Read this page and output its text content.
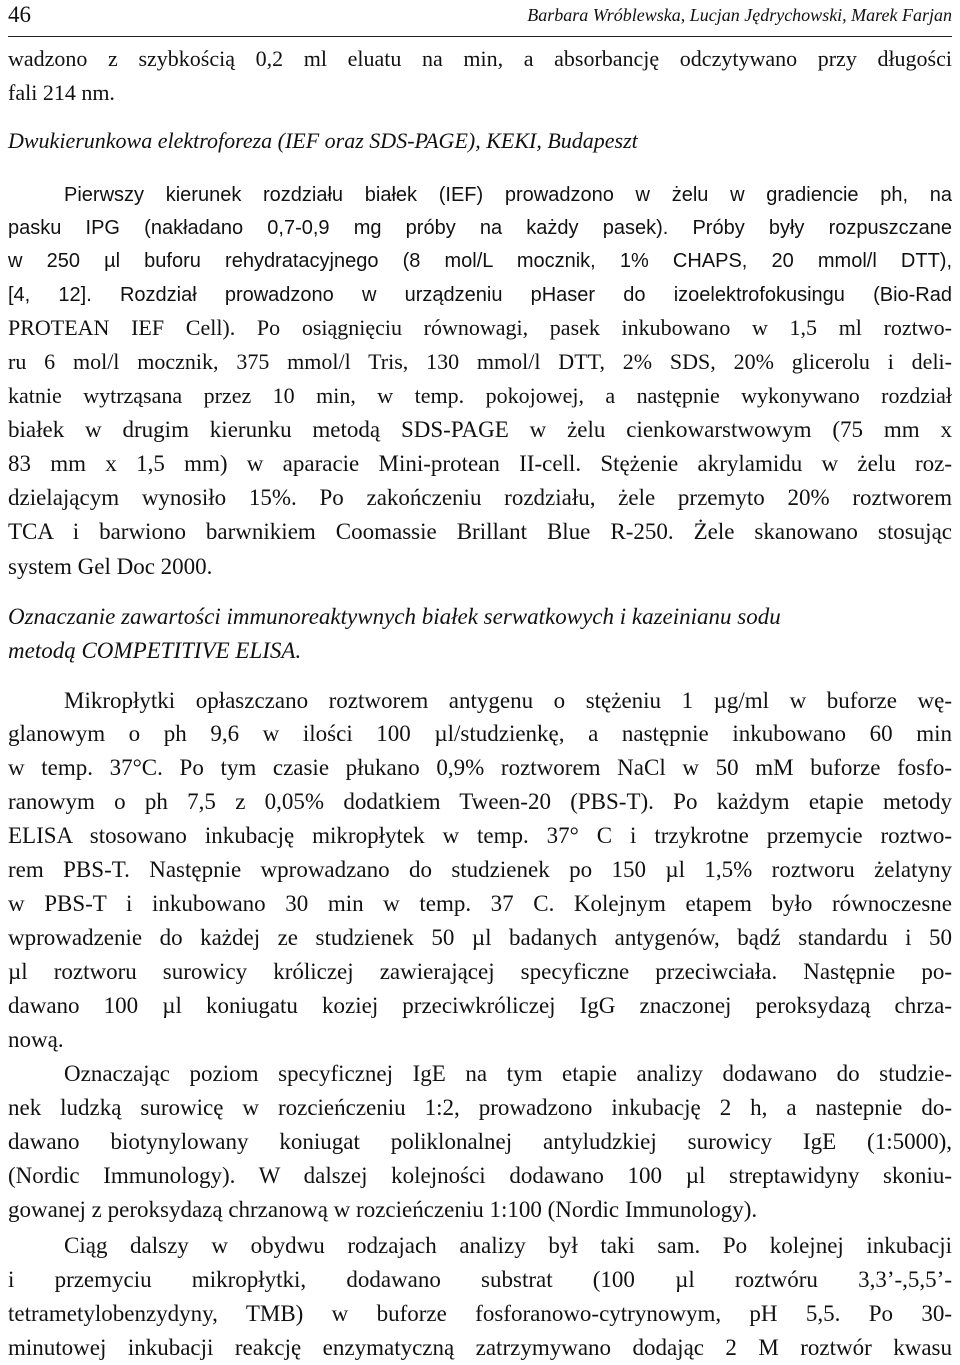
46	Barbara Wróblewska, Lucjan Jędrychowski, Marek Farjan
wadzono z szybkością 0,2 ml eluatu na min, a absorbancję odczytywano przy długości
fali 214 nm.
Dwukierunkowa elektroforeza (IEF oraz SDS-PAGE), KEKI, Budapeszt
Pierwszy kierunek rozdziału białek (IEF) prowadzono w żelu w gradiencie ph, na
pasku IPG (nakładano 0,7-0,9 mg próby na każdy pasek). Próby były rozpuszczane
w 250 µl buforu rehydratacyjnego (8 mol/L mocznik, 1% CHAPS, 20 mmol/l DTT),
[4, 12]. Rozdział prowadzono w urządzeniu pHaser do izoelektrofokusingu (Bio-Rad
PROTEAN IEF Cell). Po osiągnięciu równowagi, pasek inkubowano w 1,5 ml roztwo-
ru 6 mol/l mocznik, 375 mmol/l Tris, 130 mmol/l DTT, 2% SDS, 20% glicerolu i deli-
katnie wytrząsana przez 10 min, w temp. pokojowej, a następnie wykonywano rozdział
białek w drugim kierunku metodą SDS-PAGE w żelu cienkowarstwowym (75 mm x
83 mm x 1,5 mm) w aparacie Mini-protean II-cell. Stężenie akrylamidu w żelu roz-
dzielającym wynosiło 15%. Po zakończeniu rozdziału, żele przemyto 20% roztworem
TCA i barwiono barwnikiem Coomassie Brillant Blue R-250. Żele skanowano stosując
system Gel Doc 2000.
Oznaczanie zawartości immunoreaktywnych białek serwatkowych i kazeinianu sodu
metodą COMPETITIVE ELISA.
Mikropłytki opłaszczano roztworem antygenu o stężeniu 1 µg/ml w buforze wę-
glanowym o ph 9,6 w ilości 100 µl/studzienkę, a następnie inkubowano 60 min
w temp. 37°C. Po tym czasie płukano 0,9% roztworem NaCl w 50 mM buforze fosfo-
ranowym o ph 7,5 z 0,05% dodatkiem Tween-20 (PBS-T). Po każdym etapie metody
ELISA stosowano inkubację mikropłytek w temp. 37° C i trzykrotne przemycie roztwo-
rem PBS-T. Następnie wprowadzano do studzienek po 150 µl 1,5% roztworu żelatyny
w PBS-T i inkubowano 30 min w temp. 37 C. Kolejnym etapem było równoczesne
wprowadzenie do każdej ze studzienek 50 µl badanych antygenów, bądź standardu i 50
µl roztworu surowicy króliczej zawierającej specyficzne przeciwciała. Następnie po-
dawano 100 µl koniugatu koziej przeciwkróliczej IgG znaczonej peroksydazą chrza-
nową.
Oznaczając poziom specyficznej IgE na tym etapie analizy dodawano do studzie-
nek ludzką surowicę w rozcieńczeniu 1:2, prowadzono inkubację 2 h, a nastepnie do-
dawano biotynylowany koniugat poliklonalnej antyludzkiej surowicy IgE (1:5000),
(Nordic Immunology). W dalszej kolejności dodawano 100 µl streptawidyny skoniu-
gowanej z peroksydazą chrzanową w rozcieńczeniu 1:100 (Nordic Immunology).
Ciąg dalszy w obydwu rodzajach analizy był taki sam. Po kolejnej inkubacji
i przemyciu mikropłytki, dodawano substrat (100 µl roztwóru 3,3’-,5,5’-
tetrametylobenzydyny, TMB) w buforze fosforanowo-cytrynowym, pH 5,5. Po 30-
minutowej inkubacji reakcję enzymatyczną zatrzymywano dodając 2 M roztwór kwasu
